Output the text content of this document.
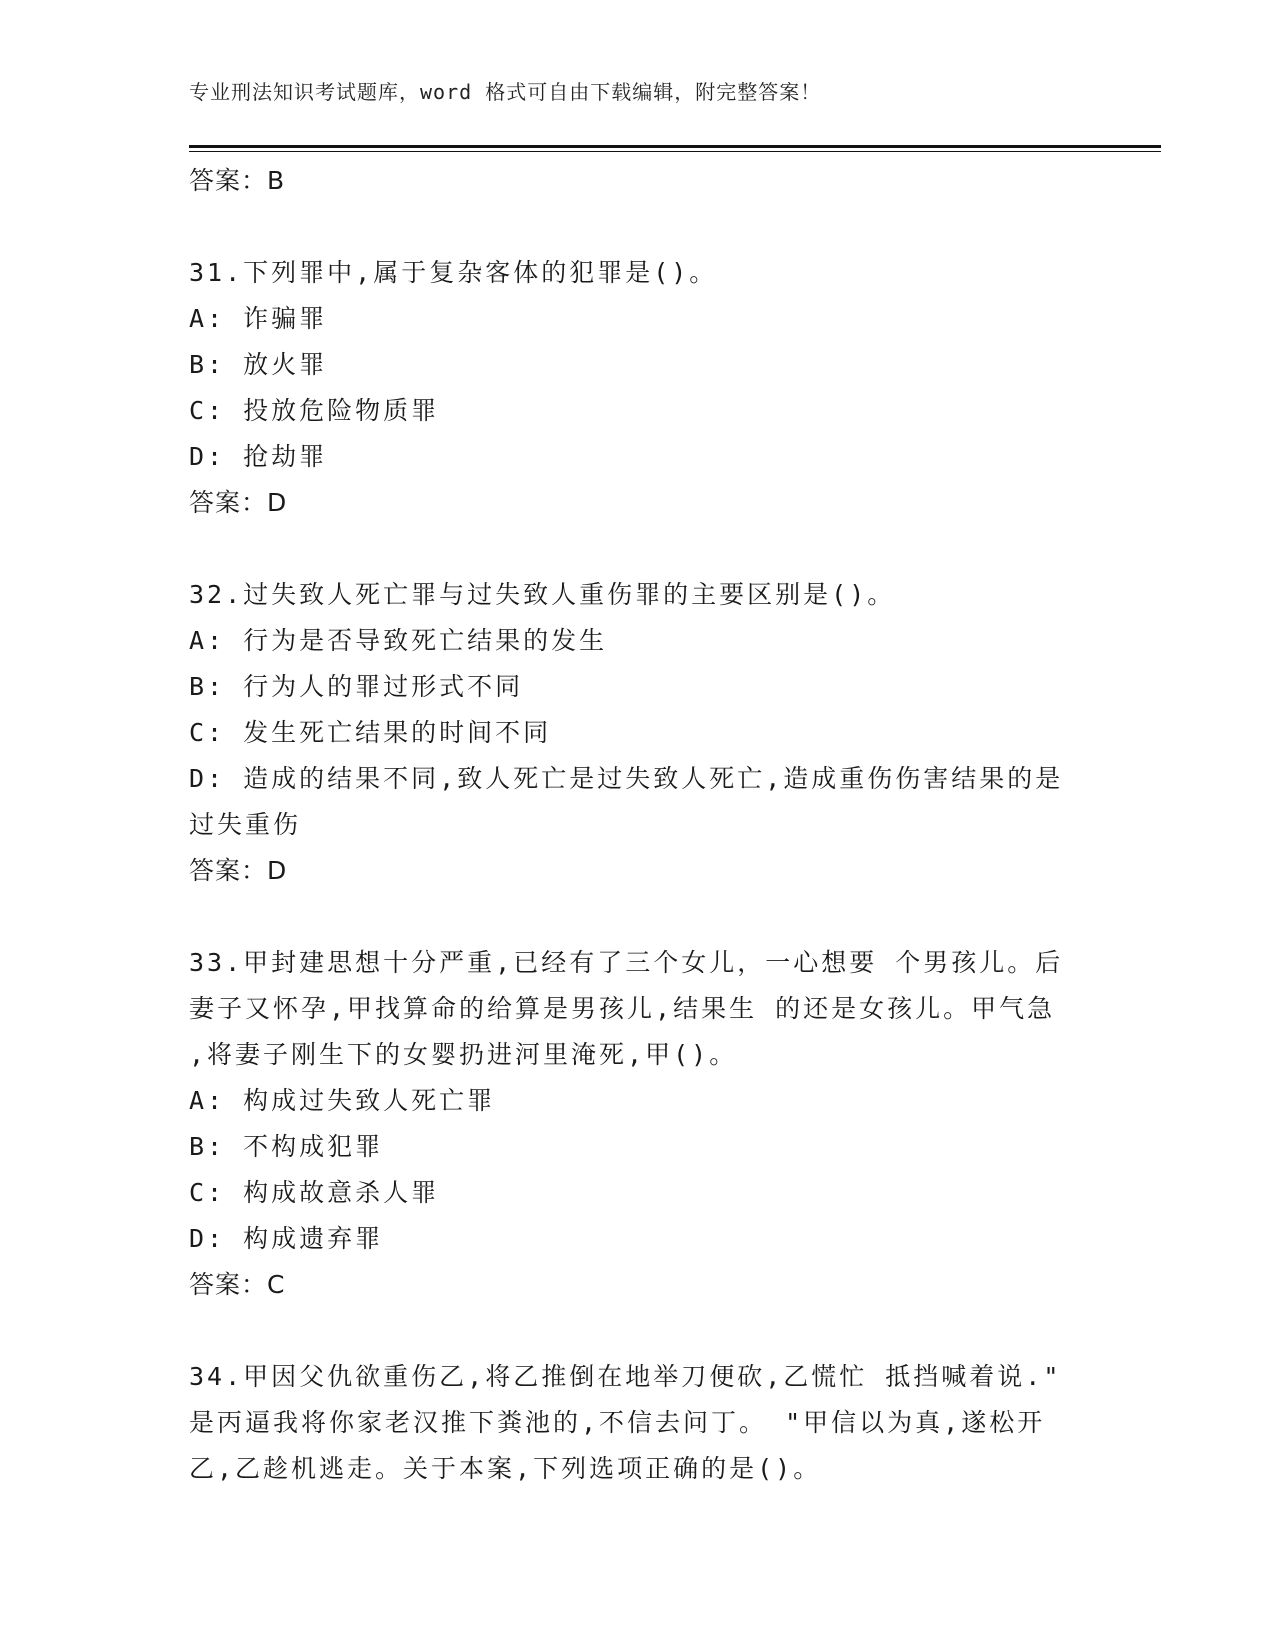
专业刑法知识考试题库，word 格式可自由下载编辑，附完整答案！
答案：B
31.下列罪中,属于复杂客体的犯罪是()。
A: 诈骗罪
B: 放火罪
C: 投放危险物质罪
D: 抢劫罪
答案：D
32.过失致人死亡罪与过失致人重伤罪的主要区别是()。
A: 行为是否导致死亡结果的发生
B: 行为人的罪过形式不同
C: 发生死亡结果的时间不同
D: 造成的结果不同,致人死亡是过失致人死亡,造成重伤伤害结果的是
过失重伤
答案：D
33.甲封建思想十分严重,已经有了三个女儿，一心想要 个男孩儿。后
妻子又怀孕,甲找算命的给算是男孩儿,结果生 的还是女孩儿。甲气急
,将妻子刚生下的女婴扔进河里淹死,甲()。
A: 构成过失致人死亡罪
B: 不构成犯罪
C: 构成故意杀人罪
D: 构成遗弃罪
答案：C
34.甲因父仇欲重伤乙,将乙推倒在地举刀便砍,乙慌忙 抵挡喊着说."
是丙逼我将你家老汉推下粪池的,不信去问丁。 "甲信以为真,遂松开
乙,乙趁机逃走。关于本案,下列选项正确的是()。
